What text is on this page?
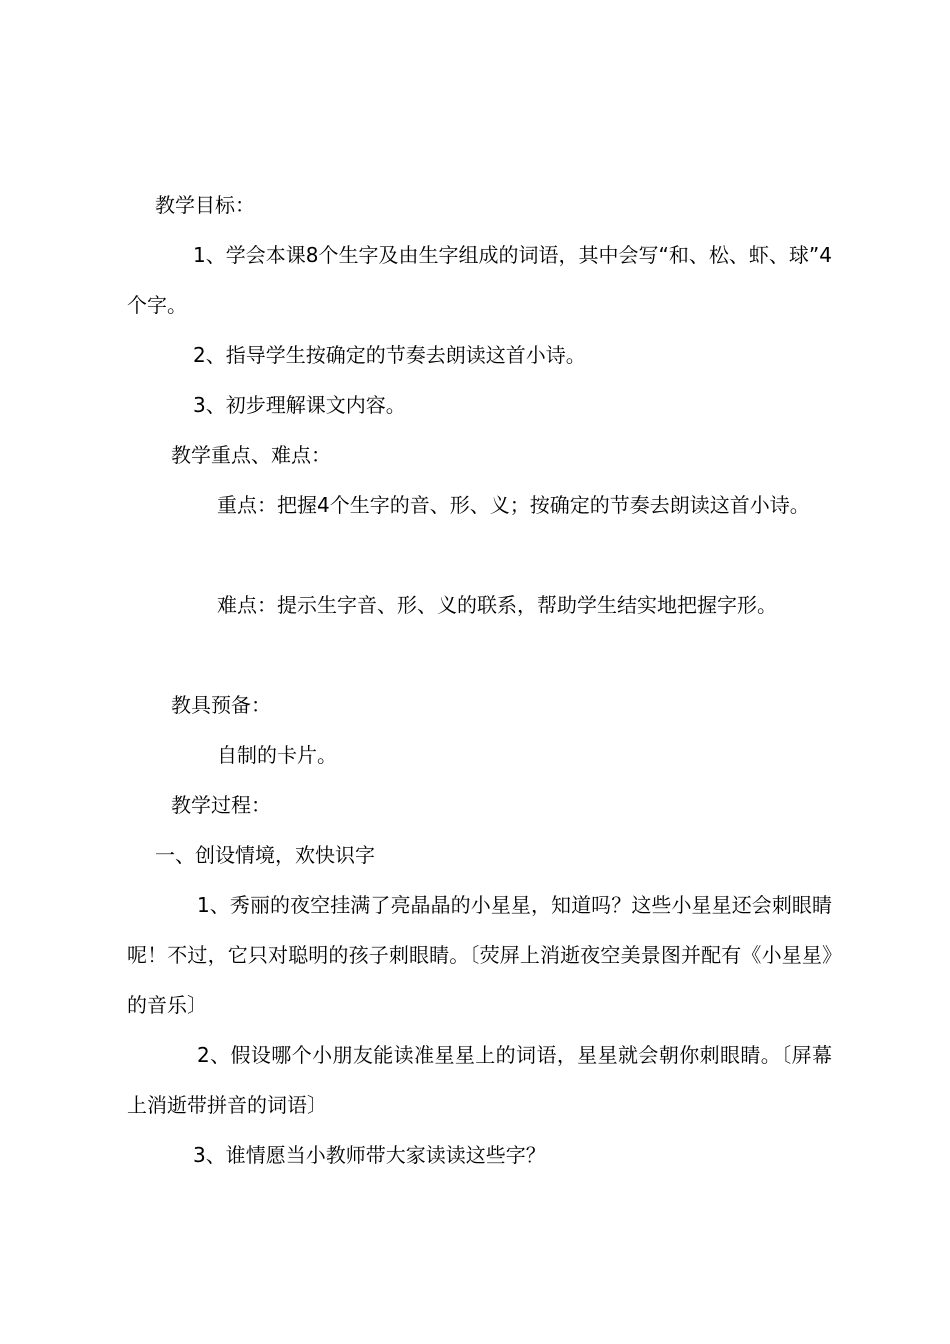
教学目标：

1、学会本课8个生字及由生字组成的词语，其中会写“和、松、虾、球”4个字。

2、指导学生按确定的节奏去朗读这首小诗。

3、初步理解课文内容。

教学重点、难点：

重点：把握4个生字的音、形、义；按确定的节奏去朗读这首小诗。

难点：提示生字音、形、义的联系，帮助学生结实地把握字形。

教具预备：

自制的卡片。

教学过程：

一、创设情境，欢快识字

1、秀丽的夜空挂满了亮晶晶的小星星，知道吗？这些小星星还会刺眼睛呢！不过，它只对聪明的孩子刺眼睛。〔荧屏上消逝夜空美景图并配有《小星星》的音乐〕

2、假设哪个小朋友能读准星星上的词语，星星就会朝你刺眼睛。〔屏幕上消逝带拼音的词语〕

3、谁情愿当小教师带大家读读这些字？
